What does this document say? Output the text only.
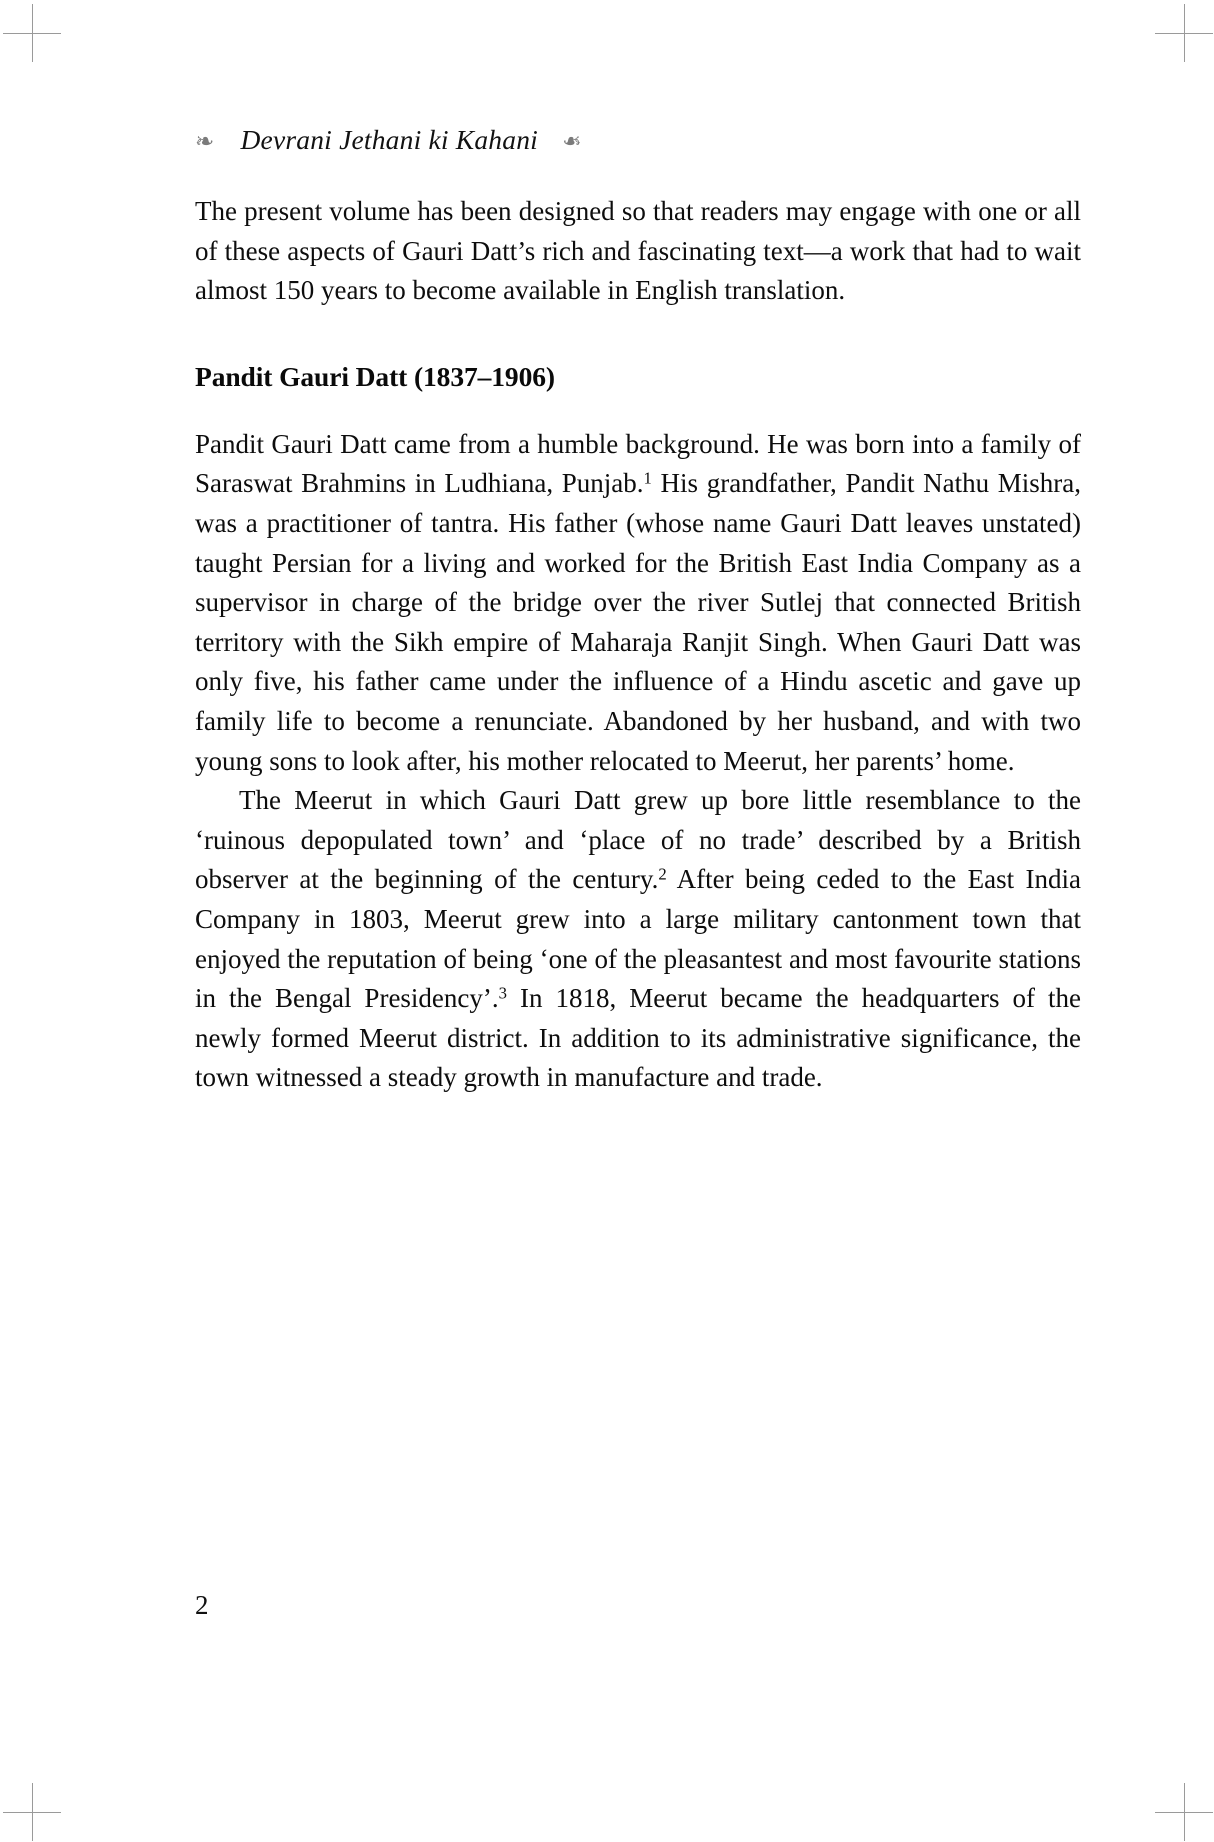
❧ Devrani Jethani ki Kahani ❧

The present volume has been designed so that readers may engage with one or all of these aspects of Gauri Datt’s rich and fascinating text—a work that had to wait almost 150 years to become available in English translation.

Pandit Gauri Datt (1837–1906)

Pandit Gauri Datt came from a humble background. He was born into a family of Saraswat Brahmins in Ludhiana, Punjab.$^1$ His grandfather, Pandit Nathu Mishra, was a practitioner of tantra. His father (whose name Gauri Datt leaves unstated) taught Persian for a living and worked for the British East India Company as a supervisor in charge of the bridge over the river Sutlej that connected British territory with the Sikh empire of Maharaja Ranjit Singh. When Gauri Datt was only five, his father came under the influence of a Hindu ascetic and gave up family life to become a renunciate. Abandoned by her husband, and with two young sons to look after, his mother relocated to Meerut, her parents’ home.

The Meerut in which Gauri Datt grew up bore little resemblance to the ‘ruinous depopulated town’ and ‘place of no trade’ described by a British observer at the beginning of the century.$^2$ After being ceded to the East India Company in 1803, Meerut grew into a large military cantonment town that enjoyed the reputation of being ‘one of the pleasantest and most favourite stations in the Bengal Presidency’.$^3$ In 1818, Meerut became the headquarters of the newly formed Meerut district. In addition to its administrative significance, the town witnessed a steady growth in manufacture and trade.

2
